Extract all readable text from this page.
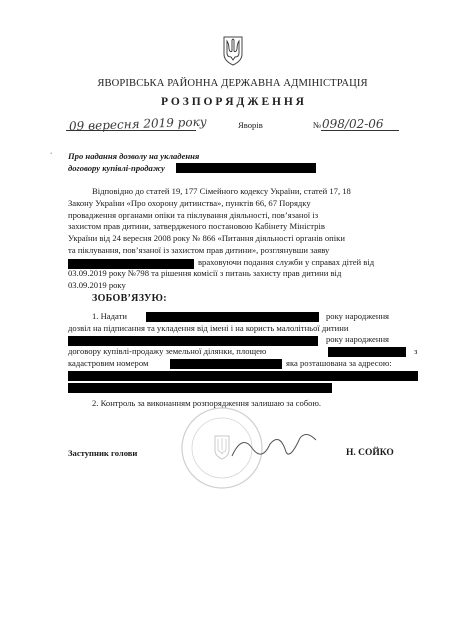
ЯВОРІВСЬКА РАЙОННА ДЕРЖАВНА АДМІНІСТРАЦІЯ
Р О З П О Р Я Д Ж Е Н Н Я
09 вересня 2019 року	Яворів	№ 098/02-06
‘ Про надання дозволу на укладення
договору купівлі-продажу
Відповідно до статей 19, 177 Сімейного кодексу України, статей 17, 18
Закону України «Про охорону дитинства», пунктів 66, 67 Порядку
провадження органами опіки та піклування діяльності, пов’язаної із
захистом прав дитини, затвердженого постановою Кабінету Міністрів
України від 24 вересня 2008 року № 866 «Питання діяльності органів опіки
та піклування, пов’язаної із захистом прав дитини», розглянувши заяву
враховуючи подання служби у справах дітей від
03.09.2019 року №798 та рішення комісії з питань захисту прав дитини від
03.09.2019 року
ЗОБОВ’ЯЗУЮ:
1. Надати	року народження
дозвіл на підписання та укладення від імені і на користь малолітньої дитини
року народження
договору купівлі-продажу земельної ділянки, площею	з
кадастровим номером	яка розташована за адресою:
2. Контроль за виконанням розпорядження залишаю за собою.
Заступник голови	Н. СОЙКО
